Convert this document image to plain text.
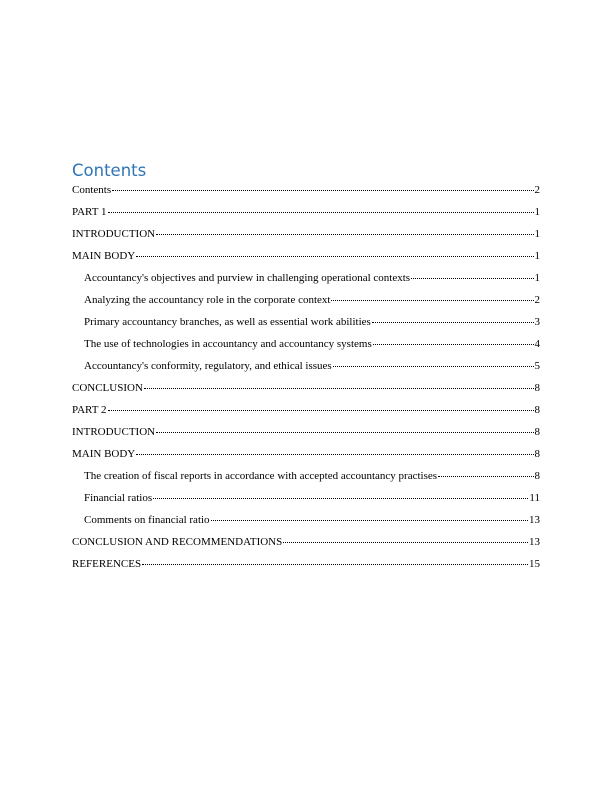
Contents
Contents	2
PART 1	1
INTRODUCTION	1
MAIN BODY	1
Accountancy's objectives and purview in challenging operational contexts	1
Analyzing the accountancy role in the corporate context	2
Primary accountancy branches, as well as essential work abilities	3
The use of technologies in accountancy and accountancy systems	4
Accountancy's conformity, regulatory, and ethical issues	5
CONCLUSION	8
PART 2	8
INTRODUCTION	8
MAIN BODY	8
The creation of fiscal reports in accordance with accepted accountancy practises	8
Financial ratios	11
Comments on financial ratio	13
CONCLUSION AND RECOMMENDATIONS	13
REFERENCES	15
